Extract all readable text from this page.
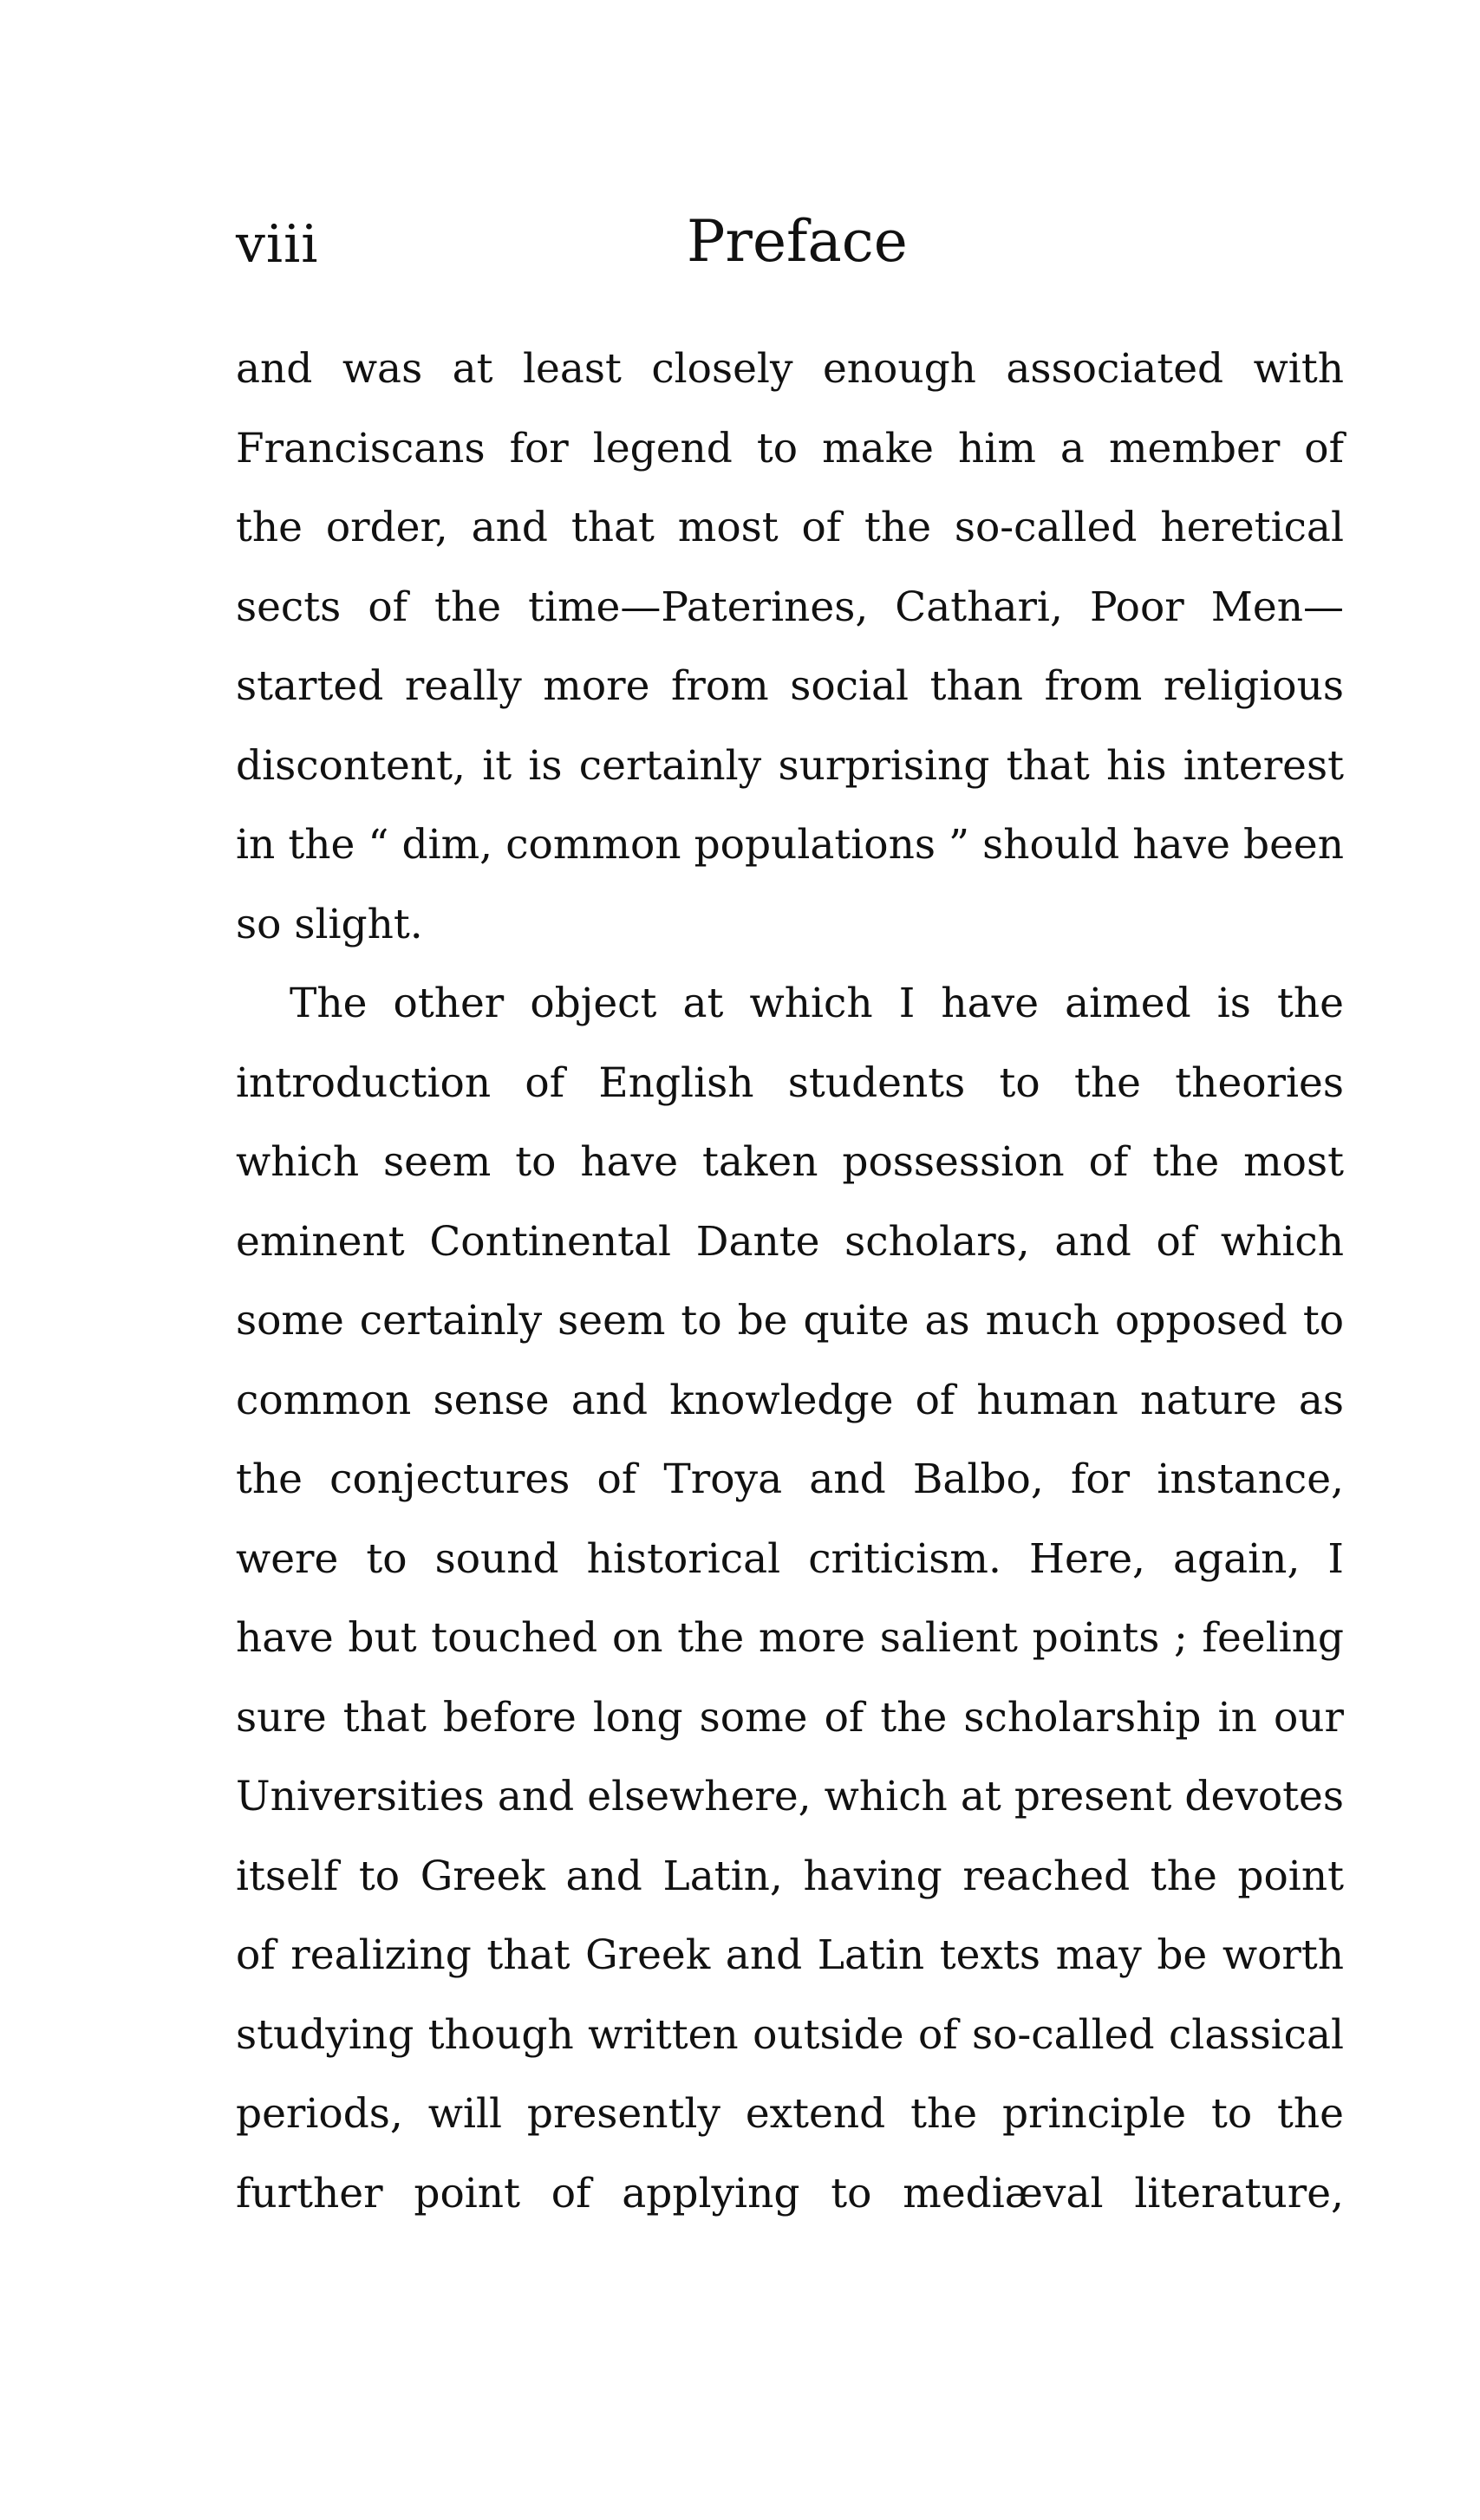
viii	Preface
and was at least closely enough associated with
Franciscans for legend to make him a member of
the order, and that most of the so-called heretical
sects of the time—Paterines, Cathari, Poor Men—
started really more from social than from religious
discontent, it is certainly surprising that his interest
in the “ dim, common populations ” should have been
so slight.
The other object at which I have aimed is the
introduction of English students to the theories
which seem to have taken possession of the most
eminent Continental Dante scholars, and of which
some certainly seem to be quite as much opposed to
common sense and knowledge of human nature as
the conjectures of Troya and Balbo, for instance,
were to sound historical criticism. Here, again, I
have but touched on the more salient points ; feeling
sure that before long some of the scholarship in our
Universities and elsewhere, which at present devotes
itself to Greek and Latin, having reached the point
of realizing that Greek and Latin texts may be worth
studying though written outside of so-called classical
periods, will presently extend the principle to the
further point of applying to mediæval literature,
